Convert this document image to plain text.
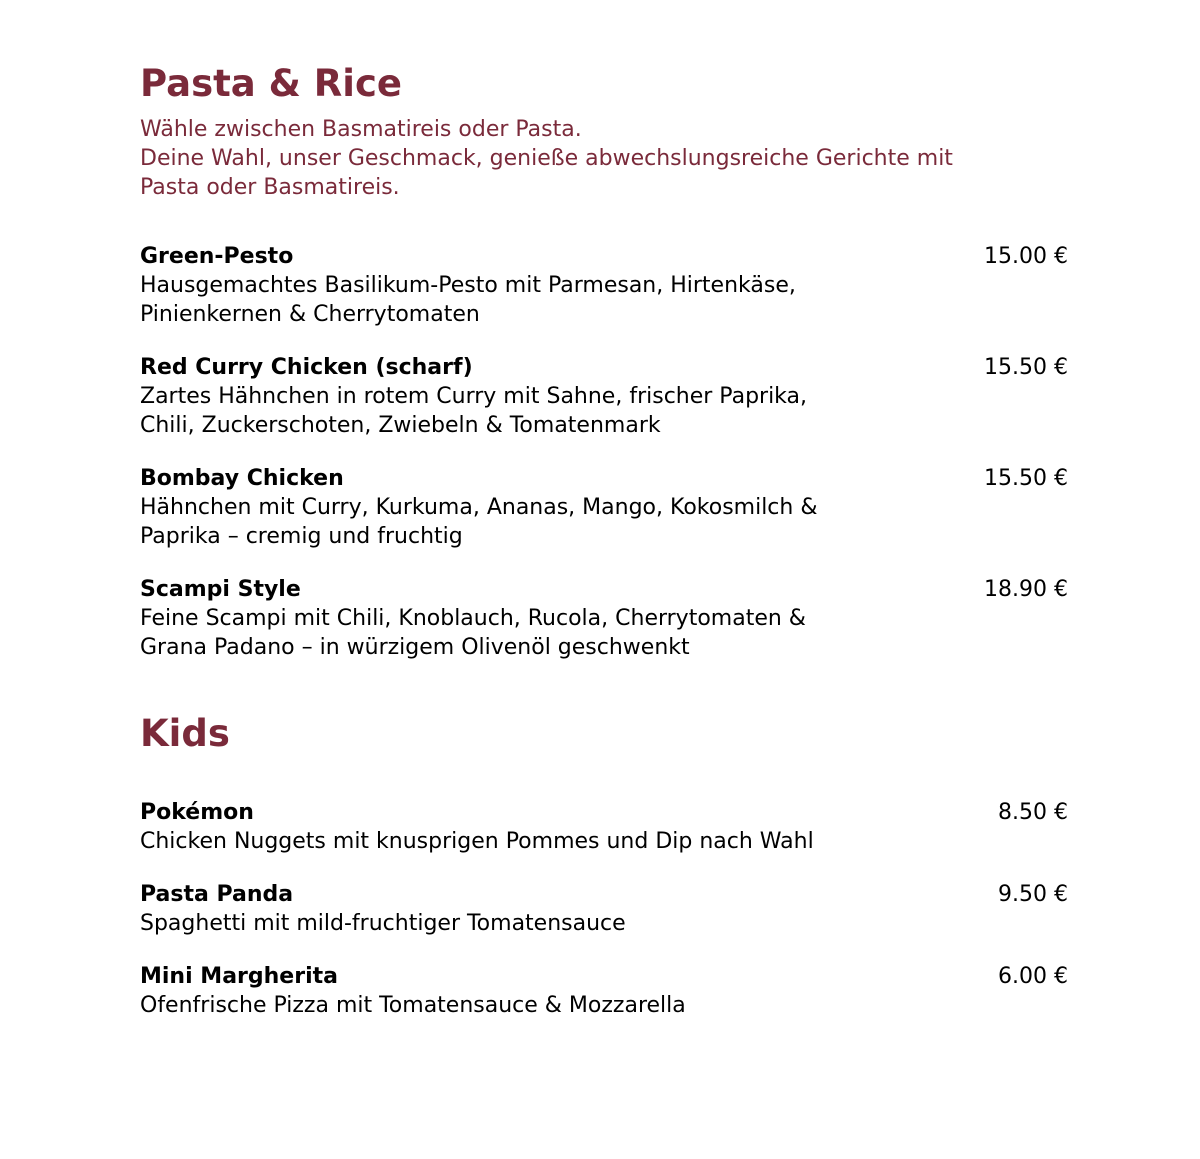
Pasta & Rice
Wähle zwischen Basmatireis oder Pasta.
Deine Wahl, unser Geschmack, genieße abwechslungsreiche Gerichte mit
Pasta oder Basmatireis.
Green-Pesto
Hausgemachtes Basilikum-Pesto mit Parmesan, Hirtenkäse,
Pinienkernen & Cherrytomaten
15.00 €
Red Curry Chicken (scharf)
Zartes Hähnchen in rotem Curry mit Sahne, frischer Paprika,
Chili, Zuckerschoten, Zwiebeln & Tomatenmark
15.50 €
Bombay Chicken
Hähnchen mit Curry, Kurkuma, Ananas, Mango, Kokosmilch &
Paprika – cremig und fruchtig
15.50 €
Scampi Style
Feine Scampi mit Chili, Knoblauch, Rucola, Cherrytomaten &
Grana Padano – in würzigem Olivenöl geschwenkt
18.90 €
Kids
Pokémon
Chicken Nuggets mit knusprigen Pommes und Dip nach Wahl
8.50 €
Pasta Panda
Spaghetti mit mild-fruchtiger Tomatensauce
9.50 €
Mini Margherita
Ofenfrische Pizza mit Tomatensauce & Mozzarella
6.00 €
